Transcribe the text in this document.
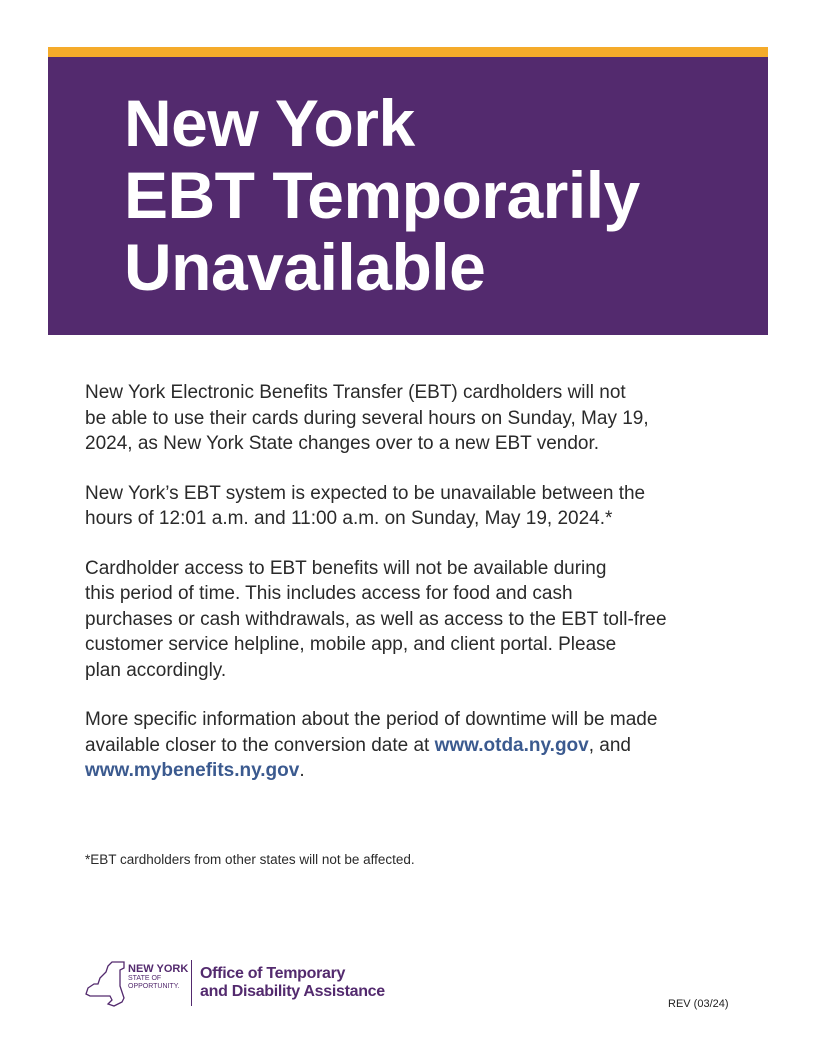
New York
EBT Temporarily
Unavailable

New York Electronic Benefits Transfer (EBT) cardholders will not
be able to use their cards during several hours on Sunday, May 19,
2024, as New York State changes over to a new EBT vendor.

New York’s EBT system is expected to be unavailable between the
hours of 12:01 a.m. and 11:00 a.m. on Sunday, May 19, 2024.*

Cardholder access to EBT benefits will not be available during
this period of time. This includes access for food and cash
purchases or cash withdrawals, as well as access to the EBT toll-free
customer service helpline, mobile app, and client portal. Please
plan accordingly.

More specific information about the period of downtime will be made
available closer to the conversion date at www.otda.ny.gov, and
www.mybenefits.ny.gov.

*EBT cardholders from other states will not be affected.
NEW YORK
STATE OF
OPPORTUNITY.
Office of Temporary
and Disability Assistance
REV (03/24)
